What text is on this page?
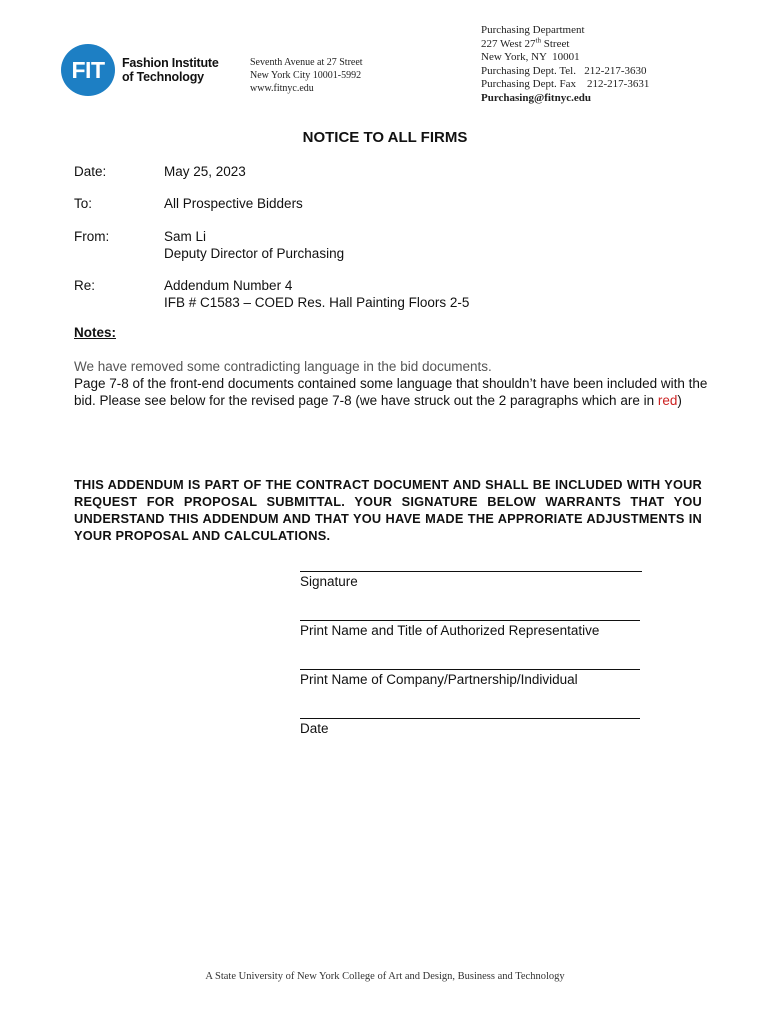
FIT	Fashion Institute
of Technology
Seventh Avenue at 27 Street
New York City 10001-5992
www.fitnyc.edu
Purchasing Department
227 West 27th Street
New York, NY  10001
Purchasing Dept. Tel. 212-217-3630
Purchasing Dept. Fax 212-217-3631
Purchasing@fitnyc.edu
NOTICE TO ALL FIRMS
Date:	May 25, 2023
To:	All Prospective Bidders
From:	Sam Li
Deputy Director of Purchasing
Re:	Addendum Number 4
IFB # C1583 – COED Res. Hall Painting Floors 2-5
Notes:
We have removed some contradicting language in the bid documents.
Page 7-8 of the front-end documents contained some language that shouldn’t have been included with the bid. Please see below for the revised page 7-8 (we have struck out the 2 paragraphs which are in red)
THIS ADDENDUM IS PART OF THE CONTRACT DOCUMENT AND SHALL BE INCLUDED WITH YOUR REQUEST FOR PROPOSAL SUBMITTAL. YOUR SIGNATURE BELOW WARRANTS THAT YOU UNDERSTAND THIS ADDENDUM AND THAT YOU HAVE MADE THE APPRORIATE ADJUSTMENTS IN YOUR PROPOSAL AND CALCULATIONS.
Signature
Print Name and Title of Authorized Representative
Print Name of Company/Partnership/Individual
Date
A State University of New York College of Art and Design, Business and Technology
